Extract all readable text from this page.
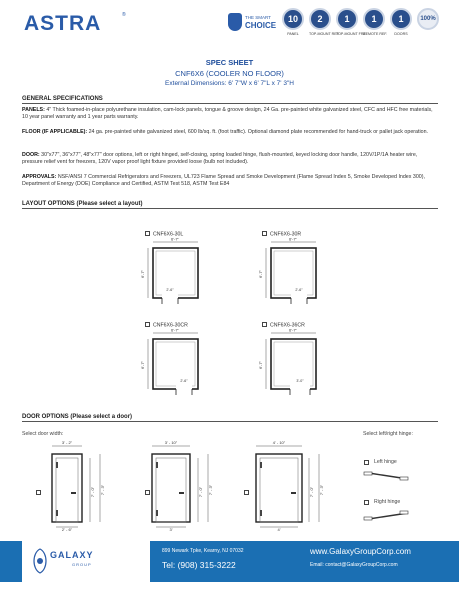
ASTRA	®	THE SMART
CHOICE
10
PANEL
2
TOP-MOUNT REF.
1
TOP-MOUNT FRZ.
1
REMOTE REF.
1
DOORS
100%
SPEC SHEET
CNF6X6 (COOLER NO FLOOR)
External Dimensions: 6' 7"W x 6' 7"L x 7' 3"H
GENERAL SPECIFICATIONS
PANELS: 4" Thick foamed-in-place polyurethane insulation, cam-lock panels, tongue & groove design, 24 Ga. pre-painted white galvanized steel, CFC and HFC free materials, 10 year panel warranty and 1 year parts warranty.
FLOOR (IF APPLICABLE): 24 ga. pre-painted white galvanized steel, 600 lb/sq. ft. (foot traffic). Optional diamond plate recommended for hand-truck or pallet jack operation.
DOOR: 30"x77", 36"x77", 48"x77" door options, left or right hinged, self-closing, spring loaded hinge, flush-mounted, keyed locking door handle, 120V/1P/1A heater wire, pressure relief vent for freezers, 120V vapor proof light fixture provided loose (bulb not included).
APPROVALS: NSF/ANSI 7 Commercial Refrigerators and Freezers, UL723 Flame Spread and Smoke Development (Flame Spread Index 5, Smoke Developed Index 300), Department of Energy (DOE) Compliance and Certified, ASTM Test 518, ASTM Test E84
LAYOUT OPTIONS (Please select a layout)
CNF6X6-30L
6'-7"
6'-7"
2'-6"
CNF6X6-30R
6'-7"
6'-7"
2'-6"
CNF6X6-30CR
6'-7"
6'-7"
2'-6"
CNF6X6-36CR
6'-7"
6'-7"
3'-0"
DOOR OPTIONS (Please select a door)
Select door width:	Select left/right hinge:
3' - 2"
2' - 6"
7' - 0" 7' - 3"
3' - 10"
3'
7' - 0" 7' - 3"
4' - 10"
4'
7' - 0" 7' - 3"
Left hinge
Right hinge
GALAXY
GROUP
899 Newark Tpke, Kearny, NJ 07032
Tel: (908) 315-3222
www.GalaxyGroupCorp.com
Email: contact@GalaxyGroupCorp.com
